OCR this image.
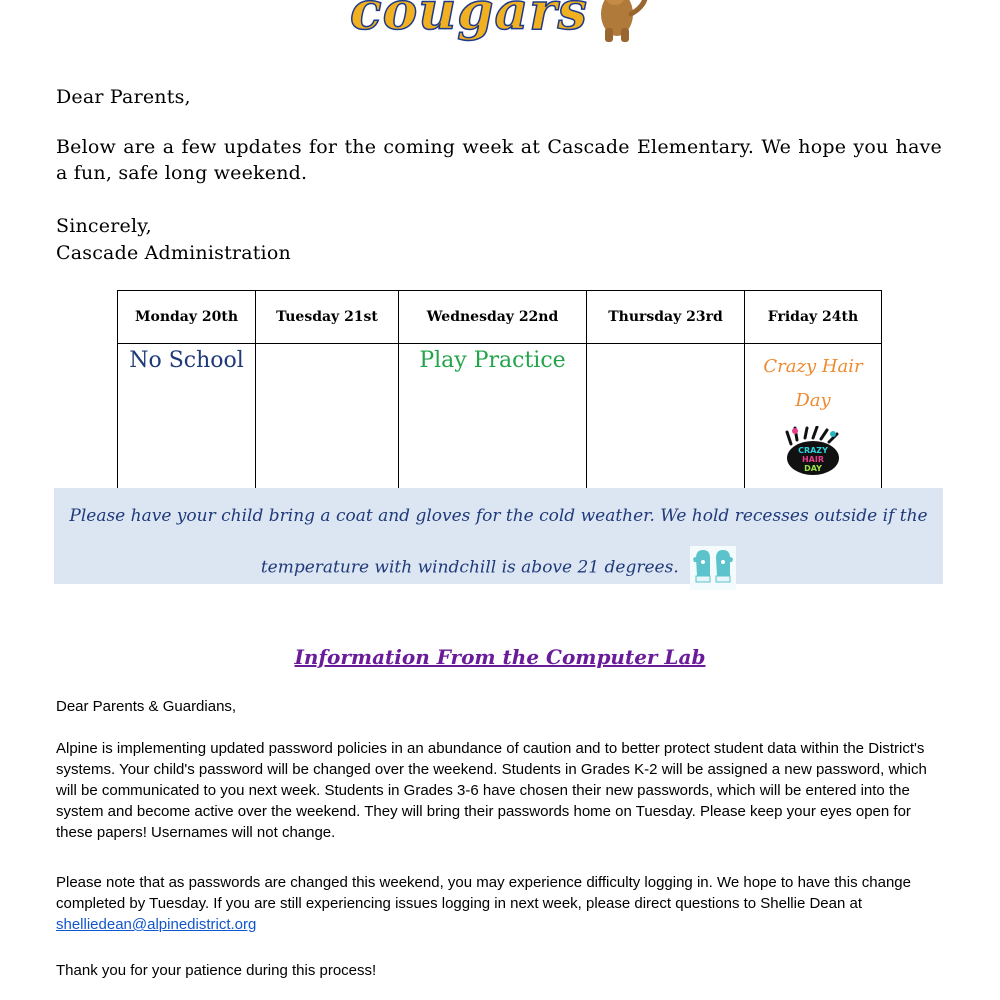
cougars
Dear Parents,
Below are a few updates for the coming week at Cascade Elementary. We hope you have a fun, safe long weekend.
Sincerely,
Cascade Administration
Monday 20th	Tuesday 21st	Wednesday 22nd	Thursday 23rd	Friday 24th

No School		Play Practice		Crazy Hair
Day
CRAZY
HAIR
DAY
Please have your child bring a coat and gloves for the cold weather. We hold recesses outside if the
temperature with windchill is above 21 degrees.
Information From the Computer Lab
Dear Parents & Guardians,
Alpine is implementing updated password policies in an abundance of caution and to better protect student data within the District's systems. Your child's password will be changed over the weekend. Students in Grades K-2 will be assigned a new password, which will be communicated to you next week. Students in Grades 3-6 have chosen their new passwords, which will be entered into the system and become active over the weekend. They will bring their passwords home on Tuesday. Please keep your eyes open for these papers! Usernames will not change.
Please note that as passwords are changed this weekend, you may experience difficulty logging in. We hope to have this change completed by Tuesday. If you are still experiencing issues logging in next week, please direct questions to Shellie Dean at shelliedean@alpinedistrict.org
Thank you for your patience during this process!
